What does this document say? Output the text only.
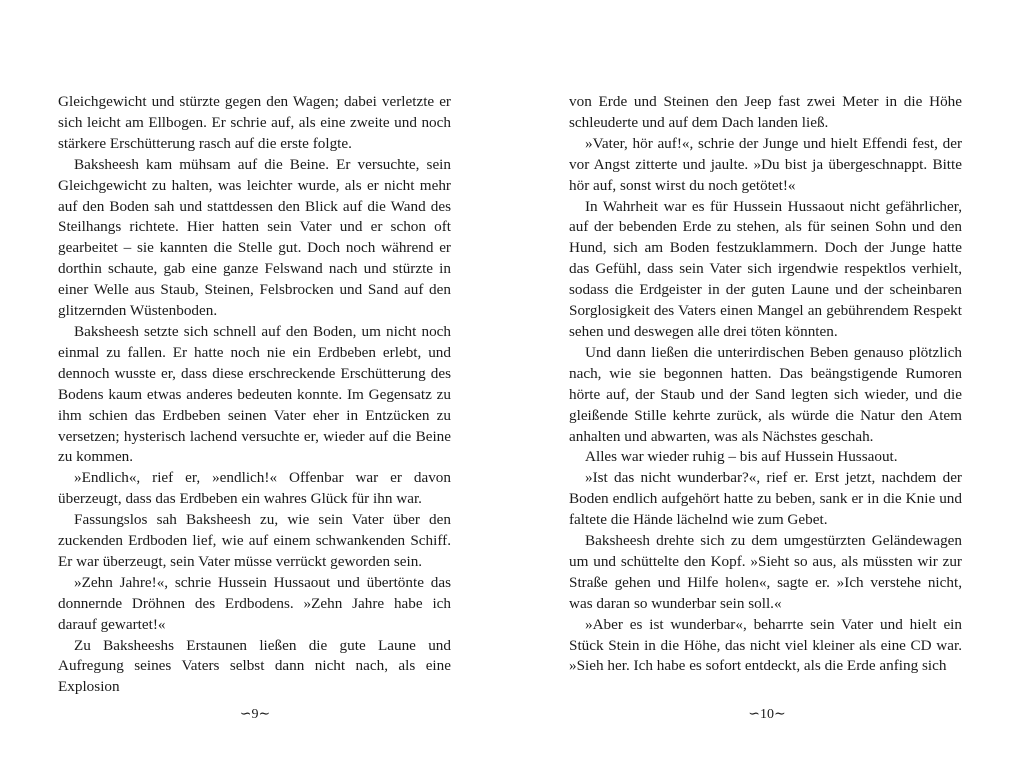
Gleichgewicht und stürzte gegen den Wagen; dabei verletzte er sich leicht am Ellbogen. Er schrie auf, als eine zweite und noch stärkere Erschütterung rasch auf die erste folgte.

Baksheesh kam mühsam auf die Beine. Er versuchte, sein Gleichgewicht zu halten, was leichter wurde, als er nicht mehr auf den Boden sah und stattdessen den Blick auf die Wand des Steilhangs richtete. Hier hatten sein Vater und er schon oft gearbeitet – sie kannten die Stelle gut. Doch noch während er dorthin schaute, gab eine ganze Felswand nach und stürzte in einer Welle aus Staub, Steinen, Felsbrocken und Sand auf den glitzernden Wüstenboden.

Baksheesh setzte sich schnell auf den Boden, um nicht noch einmal zu fallen. Er hatte noch nie ein Erdbeben erlebt, und dennoch wusste er, dass diese erschreckende Erschütterung des Bodens kaum etwas anderes bedeuten konnte. Im Gegensatz zu ihm schien das Erdbeben seinen Vater eher in Entzücken zu versetzen; hysterisch lachend versuchte er, wieder auf die Beine zu kommen.

»Endlich«, rief er, »endlich!« Offenbar war er davon überzeugt, dass das Erdbeben ein wahres Glück für ihn war.

Fassungslos sah Baksheesh zu, wie sein Vater über den zuckenden Erdboden lief, wie auf einem schwankenden Schiff. Er war überzeugt, sein Vater müsse verrückt geworden sein.

»Zehn Jahre!«, schrie Hussein Hussaout und übertönte das donnernde Dröhnen des Erdbodens. »Zehn Jahre habe ich darauf gewartet!«

Zu Baksheeshs Erstaunen ließen die gute Laune und Aufregung seines Vaters selbst dann nicht nach, als eine Explosion

von Erde und Steinen den Jeep fast zwei Meter in die Höhe schleuderte und auf dem Dach landen ließ.

»Vater, hör auf!«, schrie der Junge und hielt Effendi fest, der vor Angst zitterte und jaulte. »Du bist ja übergeschnappt. Bitte hör auf, sonst wirst du noch getötet!«

In Wahrheit war es für Hussein Hussaout nicht gefährlicher, auf der bebenden Erde zu stehen, als für seinen Sohn und den Hund, sich am Boden festzuklammern. Doch der Junge hatte das Gefühl, dass sein Vater sich irgendwie respektlos verhielt, sodass die Erdgeister in der guten Laune und der scheinbaren Sorglosigkeit des Vaters einen Mangel an gebührendem Respekt sehen und deswegen alle drei töten könnten.

Und dann ließen die unterirdischen Beben genauso plötzlich nach, wie sie begonnen hatten. Das beängstigende Rumoren hörte auf, der Staub und der Sand legten sich wieder, und die gleißende Stille kehrte zurück, als würde die Natur den Atem anhalten und abwarten, was als Nächstes geschah.

Alles war wieder ruhig – bis auf Hussein Hussaout.

»Ist das nicht wunderbar?«, rief er. Erst jetzt, nachdem der Boden endlich aufgehört hatte zu beben, sank er in die Knie und faltete die Hände lächelnd wie zum Gebet.

Baksheesh drehte sich zu dem umgestürzten Geländewagen um und schüttelte den Kopf. »Sieht so aus, als müssten wir zur Straße gehen und Hilfe holen«, sagte er. »Ich verstehe nicht, was daran so wunderbar sein soll.«

»Aber es ist wunderbar«, beharrte sein Vater und hielt ein Stück Stein in die Höhe, das nicht viel kleiner als eine CD war. »Sieh her. Ich habe es sofort entdeckt, als die Erde anfing sich

∽9∼	∽10∼
